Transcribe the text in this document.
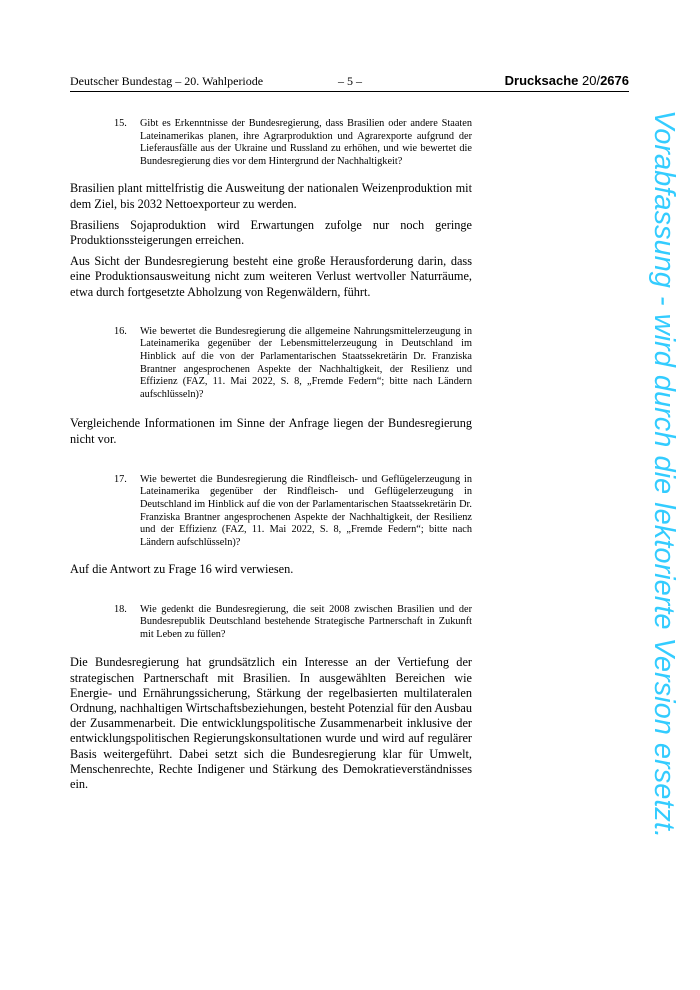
Deutscher Bundestag – 20. Wahlperiode	– 5 –	Drucksache 20/2676
15. Gibt es Erkenntnisse der Bundesregierung, dass Brasilien oder andere Staaten Lateinamerikas planen, ihre Agrarproduktion und Agrarexporte aufgrund der Lieferausfälle aus der Ukraine und Russland zu erhöhen, und wie bewertet die Bundesregierung dies vor dem Hintergrund der Nachhaltigkeit?

Brasilien plant mittelfristig die Ausweitung der nationalen Weizenproduktion mit dem Ziel, bis 2032 Nettoexporteur zu werden.

Brasiliens Sojaproduktion wird Erwartungen zufolge nur noch geringe Produktionssteigerungen erreichen.

Aus Sicht der Bundesregierung besteht eine große Herausforderung darin, dass eine Produktionsausweitung nicht zum weiteren Verlust wertvoller Naturräume, etwa durch fortgesetzte Abholzung von Regenwäldern, führt.

16. Wie bewertet die Bundesregierung die allgemeine Nahrungsmittelerzeugung in Lateinamerika gegenüber der Lebensmittelerzeugung in Deutschland im Hinblick auf die von der Parlamentarischen Staatssekretärin Dr. Franziska Brantner angesprochenen Aspekte der Nachhaltigkeit, der Resilienz und Effizienz (FAZ, 11. Mai 2022, S. 8, „Fremde Federn“; bitte nach Ländern aufschlüsseln)?

Vergleichende Informationen im Sinne der Anfrage liegen der Bundesregierung nicht vor.

17. Wie bewertet die Bundesregierung die Rindfleisch- und Geflügelerzeugung in Lateinamerika gegenüber der Rindfleisch- und Geflügelerzeugung in Deutschland im Hinblick auf die von der Parlamentarischen Staatssekretärin Dr. Franziska Brantner angesprochenen Aspekte der Nachhaltigkeit, der Resilienz und der Effizienz (FAZ, 11. Mai 2022, S. 8, „Fremde Federn“; bitte nach Ländern aufschlüsseln)?

Auf die Antwort zu Frage 16 wird verwiesen.

18. Wie gedenkt die Bundesregierung, die seit 2008 zwischen Brasilien und der Bundesrepublik Deutschland bestehende Strategische Partnerschaft in Zukunft mit Leben zu füllen?

Die Bundesregierung hat grundsätzlich ein Interesse an der Vertiefung der strategischen Partnerschaft mit Brasilien. In ausgewählten Bereichen wie Energie- und Ernährungssicherung, Stärkung der regelbasierten multilateralen Ordnung, nachhaltigen Wirtschaftsbeziehungen, besteht Potenzial für den Ausbau der Zusammenarbeit. Die entwicklungspolitische Zusammenarbeit inklusive der entwicklungspolitischen Regierungskonsultationen wurde und wird auf regulärer Basis weitergeführt. Dabei setzt sich die Bundesregierung klar für Umwelt, Menschenrechte, Rechte Indigener und Stärkung des Demokratieverständnisses ein.	Vorabfassung - wird durch die lektorierte Version ersetzt.
